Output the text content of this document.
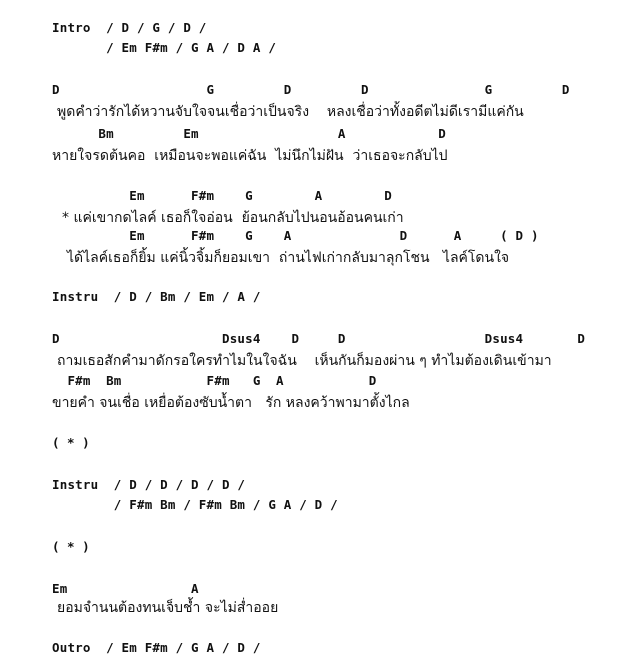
Intro  / D / G / D /
/ Em F#m / G A / D A /
D                   G         D         D               G         D
พูดคำว่ารักได้หวานจับใจจนเชื่อว่าเป็นจริง    หลงเชื่อว่าทั้งอดีตไม่ดีเรามีแค่กัน
Bm         Em                  A            D
หายใจรดต้นคอ  เหมือนจะพอแค่ฉัน  ไม่นึกไม่ฝัน  ว่าเธอจะกลับไป
Em      F#m    G        A        D
* แค่เขากดไลค์ เธอก็ใจอ่อน  ย้อนกลับไปนอนอ้อนคนเก่า
Em      F#m    G    A              D      A     ( D )
ได้ไลค์เธอก็ยิ้ม แค่นิ้วจิ้มก็ยอมเขา  ถ่านไฟเก่ากลับมาลุกโชน   ไลค์โดนใจ
Instru  / D / Bm / Em / A /
D                     Dsus4    D     D                  Dsus4       D
ถามเธอสักคำมาดักรอใครทำไมในใจฉัน    เห็นกันก็มองผ่าน ๆ ทำไมต้องเดินเข้ามา
F#m  Bm           F#m   G  A           D
ขายคำ จนเชื่อ เหยื่อต้องซับน้ำตา   รัก หลงคว้าพามาตั้งไกล
( * )
Instru  / D / D / D / D /
/ F#m Bm / F#m Bm / G A / D /
( * )
Em                A
ยอมจำนนต้องทนเจ็บช้ำ จะไม่ส่ำออย
Outro  / Em F#m / G A / D /
